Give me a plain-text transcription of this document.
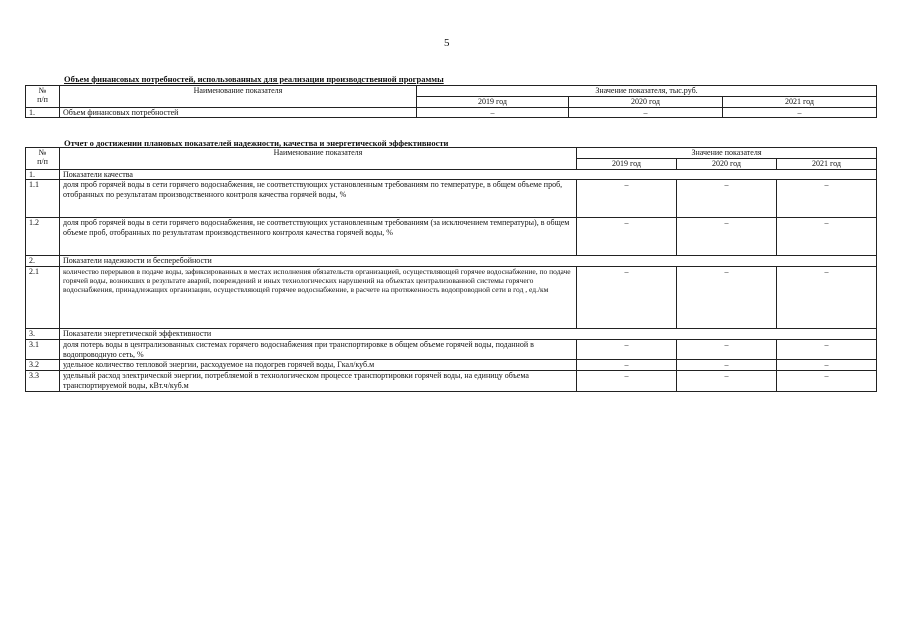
5
Объем финансовых потребностей, использованных для реализации производственной программы
№
п/п	Наименование показателя	Значение показателя, тыс.руб.		
		2019 год	2020 год	2021 год
1.	Объем финансовых потребностей	–	–	–
Отчет о достижении плановых показателей надежности, качества и энергетической эффективности
№
п/п	Наименование показателя	Значение показателя		
		2019 год	2020 год	2021 год
1.	Показатели качества			
1.1	доля проб горячей воды в сети горячего водоснабжения, не соответствующих установленным требованиям по температуре, в общем объеме проб, отобранных по результатам производственного контроля качества горячей воды, %	–	–	–
1.2	доля проб горячей воды в сети горячего водоснабжения, не соответствующих установленным требованиям (за исключением температуры), в общем объеме проб, отобранных по результатам производственного контроля качества горячей воды, %	–	–	–
2.	Показатели надежности и бесперебойности			
2.1	количество перерывов в подаче воды, зафиксированных в местах исполнения обязательств организацией, осуществляющей горячее водоснабжение, по подаче горячей воды, возникших в результате аварий, повреждений и иных технологических нарушений на объектах централизованной системы горячего водоснабжения, принадлежащих организации, осуществляющей горячее водоснабжение, в расчете на протяженность водопроводной сети в год , ед./км	–	–	–
3.	Показатели энергетической эффективности			
3.1	доля потерь воды в централизованных системах горячего водоснабжения при транспортировке в общем объеме горячей воды, поданной в водопроводную сеть, %	–	–	–
3.2	удельное количество тепловой энергии, расходуемое на подогрев горячей воды, Гкал/куб.м	–	–	–
3.3	удельный расход электрической энергии, потребляемой в технологическом процессе транспортировки горячей воды, на единицу объема транспортируемой воды, кВт.ч/куб.м	–	–	–
